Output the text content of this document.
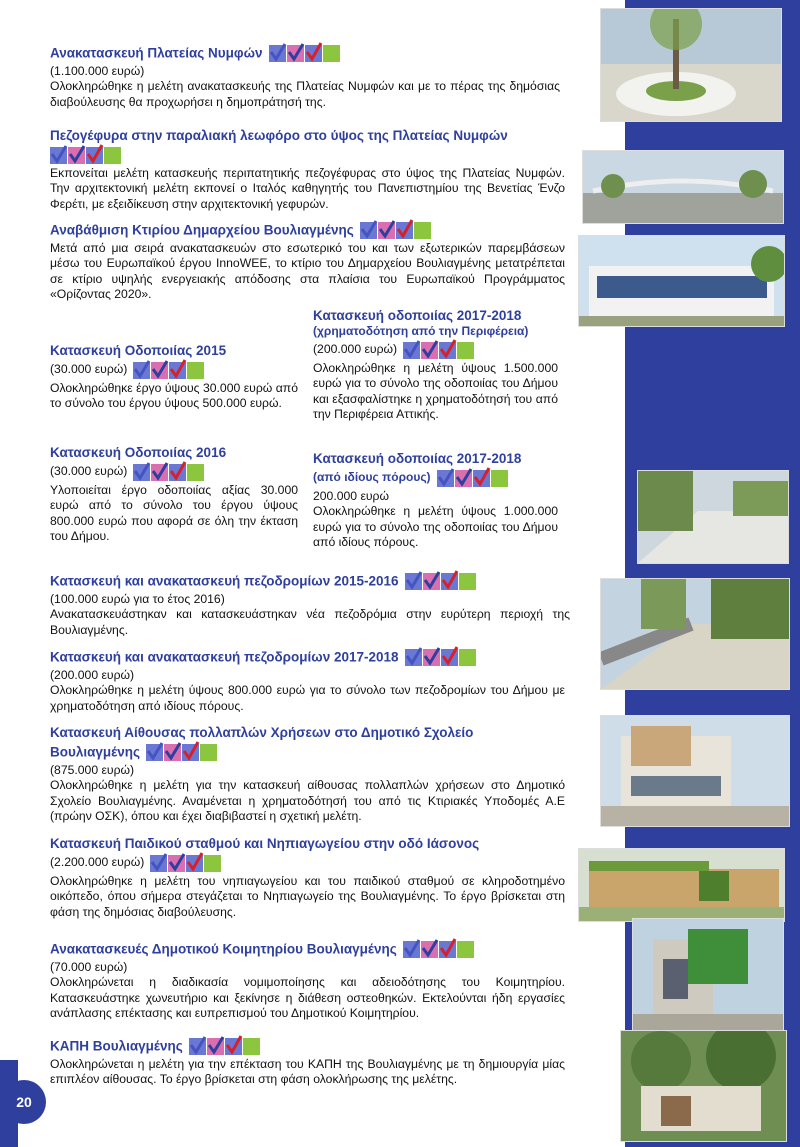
20
Ανακατασκευή Πλατείας Νυμφών
(1.100.000 ευρώ)
Ολοκληρώθηκε η μελέτη ανακατασκευής της Πλατείας Νυμφών και με το πέρας της δημόσιας διαβούλευσης θα προχωρήσει η δημοπράτησή της.
Πεζογέφυρα στην παραλιακή λεωφόρο στο ύψος της Πλατείας Νυμφών
Εκπονείται μελέτη κατασκευής περιπατητικής πεζογέφυρας στο ύψος της Πλατείας Νυμφών. Την αρχιτεκτονική μελέτη εκπονεί ο Ιταλός καθηγητής του Πανεπιστημίου της Βενετίας Ένζο Φερέτι, με εξειδίκευση στην αρχιτεκτονική γεφυρών.
Αναβάθμιση Κτιρίου Δημαρχείου Βουλιαγμένης
Μετά από μια σειρά ανακατασκευών στο εσωτερικό του και των εξωτερικών παρεμβάσεων μέσω του Ευρωπαϊκού έργου InnoWEE, το κτίριο του Δημαρχείου Βουλιαγμένης μετατρέπεται σε κτίριο υψηλής ενεργειακής απόδοσης στα πλαίσια του Ευρωπαϊκού Προγράμματος «Ορίζοντας 2020».
Κατασκευή Οδοποιίας 2015
(30.000 ευρώ)
Ολοκληρώθηκε έργο ύψους 30.000 ευρώ από το σύνολο του έργου ύψους 500.000 ευρώ.
Κατασκευή οδοποιίας 2017-2018
(χρηματοδότηση από την Περιφέρεια)
(200.000 ευρώ)
Ολοκληρώθηκε η μελέτη ύψους 1.500.000 ευρώ για το σύνολο της οδοποιίας του Δήμου και εξασφαλίστηκε η χρηματοδότησή του από την Περιφέρεια Αττικής.
Κατασκευή Οδοποιίας 2016
(30.000 ευρώ)
Υλοποιείται έργο οδοποιίας αξίας 30.000 ευρώ από το σύνολο του έργου ύψους 800.000 ευρώ που αφορά σε όλη την έκταση του Δήμου.
Κατασκευή οδοποιίας 2017-2018
(από ιδίους πόρους)
200.000 ευρώ
Ολοκληρώθηκε η μελέτη ύψους 1.000.000 ευρώ για το σύνολο της οδοποιίας του Δήμου από ιδίους πόρους.
Κατασκευή και ανακατασκευή πεζοδρομίων 2015-2016
(100.000 ευρώ για το έτος 2016)
Ανακατασκευάστηκαν και κατασκευάστηκαν νέα πεζοδρόμια στην ευρύτερη περιοχή της Βουλιαγμένης.
Κατασκευή και ανακατασκευή πεζοδρομίων 2017-2018
(200.000 ευρώ)
Ολοκληρώθηκε η μελέτη ύψους 800.000 ευρώ για το σύνολο των πεζοδρομίων του Δήμου με χρηματοδότηση από ιδίους πόρους.
Κατασκευή Αίθουσας πολλαπλών Χρήσεων στο Δημοτικό Σχολείο Βουλιαγμένης
(875.000 ευρώ)
Ολοκληρώθηκε η μελέτη για την κατασκευή αίθουσας πολλαπλών χρήσεων στο Δημοτικό Σχολείο Βουλιαγμένης. Αναμένεται η χρηματοδότησή του από τις Κτιριακές Υποδομές Α.Ε (πρώην ΟΣΚ), όπου και έχει διαβιβαστεί η σχετική μελέτη.
Κατασκευή Παιδικού σταθμού και Νηπιαγωγείου στην οδό Ιάσονος
(2.200.000 ευρώ)
Ολοκληρώθηκε η μελέτη του νηπιαγωγείου και του παιδικού σταθμού σε κληροδοτημένο οικόπεδο, όπου σήμερα στεγάζεται το Νηπιαγωγείο της Βουλιαγμένης. Το έργο βρίσκεται στη φάση της δημόσιας διαβούλευσης.
Ανακατασκευές Δημοτικού Κοιμητηρίου Βουλιαγμένης
(70.000 ευρώ)
Ολοκληρώνεται η διαδικασία νομιμοποίησης και αδειοδότησης του Κοιμητηρίου. Κατασκευάστηκε χωνευτήριο και ξεκίνησε η διάθεση οστεοθηκών. Εκτελούνται ήδη εργασίες ανάπλασης επέκτασης και ευπρεπισμού του Δημοτικού Κοιμητηρίου.
ΚΑΠΗ Βουλιαγμένης
Ολοκληρώνεται η μελέτη για την επέκταση του ΚΑΠΗ της Βουλιαγμένης με τη δημιουργία μίας επιπλέον αίθουσας. Το έργο βρίσκεται στη φάση ολοκλήρωσης της μελέτης.
